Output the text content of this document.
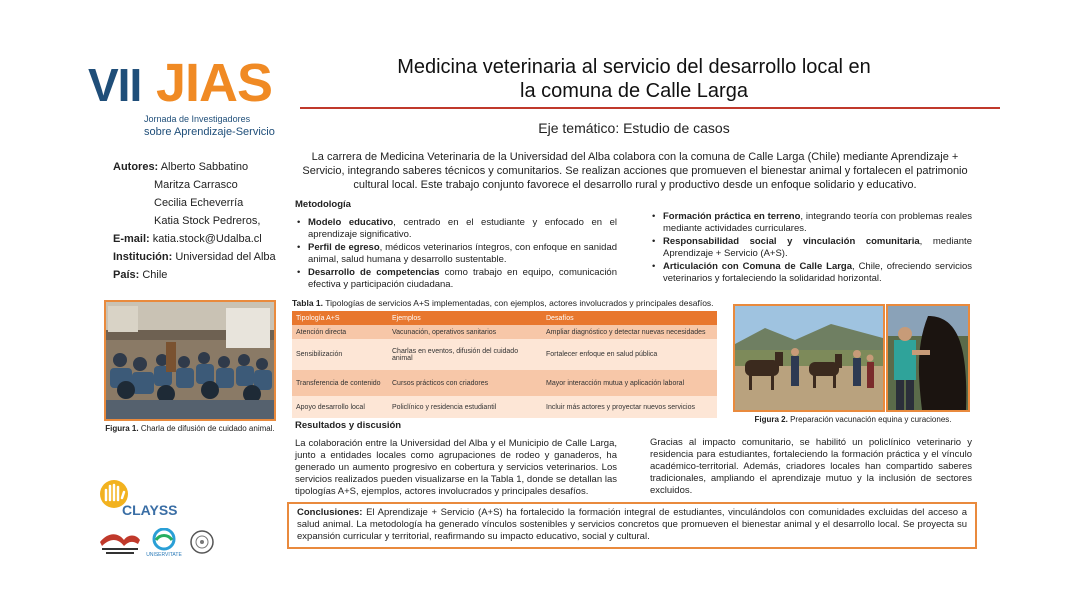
VII JIAS
Jornada de Investigadores
sobre Aprendizaje-Servicio
Medicina veterinaria al servicio del desarrollo local en
la comuna de Calle Larga
Eje temático: Estudio de casos
La carrera de Medicina Veterinaria de la Universidad del Alba colabora con la comuna de Calle Larga (Chile) mediante Aprendizaje + Servicio, integrando saberes técnicos y comunitarios. Se realizan acciones que promueven el bienestar animal y fortalecen el patrimonio cultural local. Este trabajo conjunto favorece el desarrollo rural y productivo desde un enfoque solidario y educativo.
Autores: Alberto Sabbatino
Maritza Carrasco
Cecilia Echeverría
Katia Stock Pedreros,
E-mail: katia.stock@Udalba.cl
Institución: Universidad del Alba
País: Chile
Metodología
• Modelo educativo, centrado en el estudiante y enfocado en el aprendizaje significativo.
• Perfil de egreso, médicos veterinarios íntegros, con enfoque en sanidad animal, salud humana y desarrollo sustentable.
• Desarrollo de competencias como trabajo en equipo, comunicación efectiva y participación ciudadana.
• Formación práctica en terreno, integrando teoría con problemas reales mediante actividades curriculares.
• Responsabilidad social y vinculación comunitaria, mediante Aprendizaje + Servicio (A+S).
• Articulación con Comuna de Calle Larga, Chile, ofreciendo servicios veterinarios y fortaleciendo la solidaridad horizontal.
Figura 1. Charla de difusión de cuidado animal.
Tabla 1. Tipologías de servicios A+S implementadas, con ejemplos, actores involucrados y principales desafíos.
Tipología A+S	Ejemplos	Desafíos
Atención directa	Vacunación, operativos sanitarios	Ampliar diagnóstico y detectar nuevas necesidades
Sensibilización	Charlas en eventos, difusión del cuidado animal	Fortalecer enfoque en salud pública
Transferencia de contenido	Cursos prácticos con criadores	Mayor interacción mutua y aplicación laboral
Apoyo desarrollo local	Policlínico y residencia estudiantil	Incluir más actores y proyectar nuevos servicios
Figura 2. Preparación vacunación equina y curaciones.
Resultados y discusión

La colaboración entre la Universidad del Alba y el Municipio de Calle Larga, junto a entidades locales como agrupaciones de rodeo y ganaderos, ha generado un aumento progresivo en cobertura y servicios veterinarios. Los servicios realizados pueden visualizarse en la Tabla 1, donde se detallan las tipologías A+S, ejemplos, actores involucrados y principales desafíos.

Gracias al impacto comunitario, se habilitó un policlínico veterinario y residencia para estudiantes, fortaleciendo la formación práctica y el vínculo académico-territorial. Además, criadores locales han compartido saberes tradicionales, ampliando el aprendizaje mutuo y la inclusión de sectores excluidos.
Conclusiones: El Aprendizaje + Servicio (A+S) ha fortalecido la formación integral de estudiantes, vinculándolos con comunidades excluidas del acceso a salud animal. La metodología ha generado vínculos sostenibles y servicios concretos que promueven el bienestar animal y el desarrollo local. Se proyecta su expansión curricular y territorial, reafirmando su impacto educativo, social y cultural.
CLAYSS
UNISERVITATE
